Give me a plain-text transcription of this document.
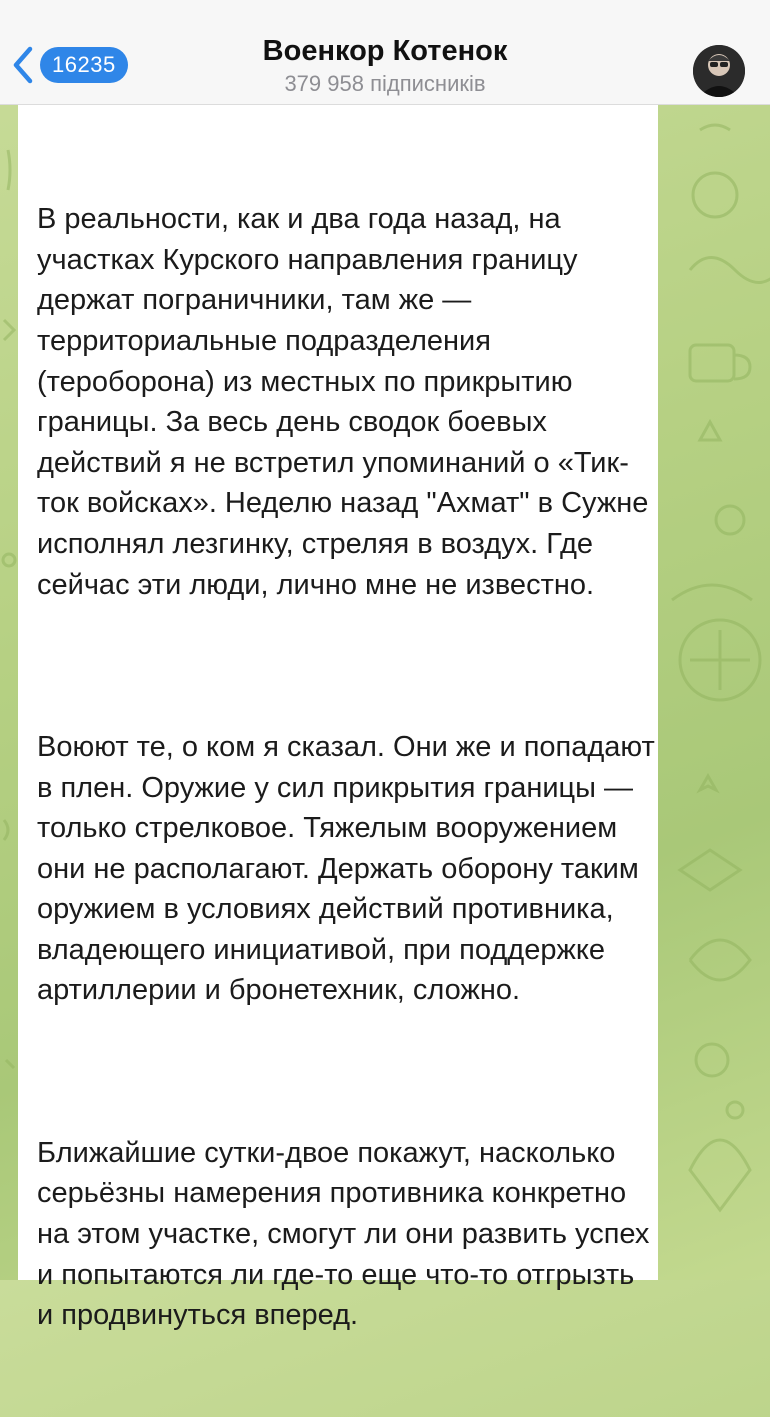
16235	Военкор Котенок
379 958 підписників

В реальности, как и два года назад, на участках Курского направления границу держат пограничники, там же — территориальные подразделения (тероборона) из местных по прикрытию границы. За весь день сводок боевых действий я не встретил упоминаний о «Тик-ток войсках». Неделю назад "Ахмат" в Сужне исполнял лезгинку, стреляя в воздух. Где сейчас эти люди, лично мне не известно.

Воюют те, о ком я сказал. Они же и попадают в плен. Оружие у сил прикрытия границы — только стрелковое. Тяжелым вооружением они не располагают. Держать оборону таким оружием в условиях действий противника, владеющего инициативой, при поддержке артиллерии и бронетехник, сложно.

Ближайшие сутки-двое покажут, насколько серьёзны намерения противника конкретно на этом участке, смогут ли они развить успех и попытаются ли где-то еще что-то отгрызть и продвинуться вперед.
